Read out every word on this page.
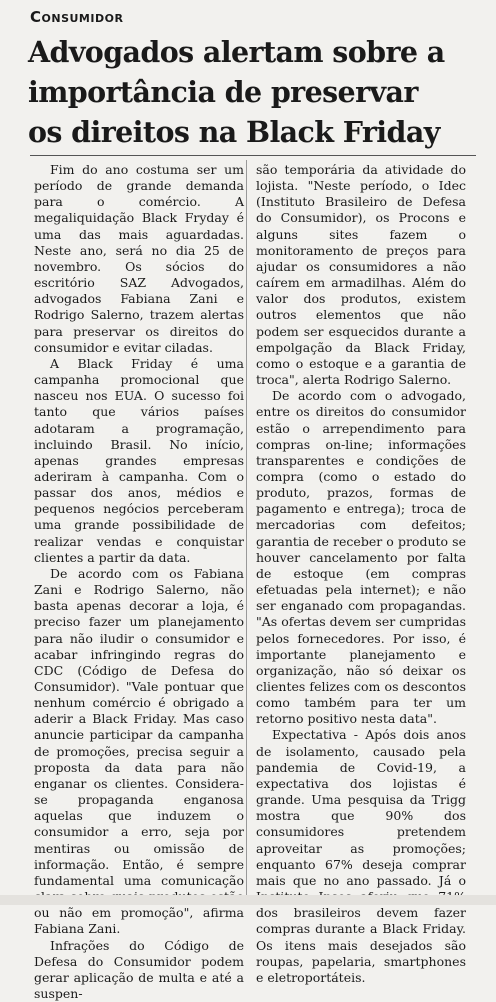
Consumidor
Advogados alertam sobre a
importância de preservar
os direitos na Black Friday

Fim do ano costuma ser um período de grande demanda para o comércio. A megaliquidação Black Fryday é uma das mais aguardadas. Neste ano, será no dia 25 de novembro. Os sócios do escritório SAZ Advogados, advogados Fabiana Zani e Rodrigo Salerno, trazem alertas para preservar os direitos do consumidor e evitar ciladas.

A Black Friday é uma campanha promocional que nasceu nos EUA. O sucesso foi tanto que vários países adotaram a programação, incluindo Brasil. No início, apenas grandes empresas aderiram à campanha. Com o passar dos anos, médios e pequenos negócios perceberam uma grande possibilidade de realizar vendas e conquistar clientes a partir da data.

De acordo com os Fabiana Zani e Rodrigo Salerno, não basta apenas decorar a loja, é preciso fazer um planejamento para não iludir o consumidor e acabar infringindo regras do CDC (Código de Defesa do Consumidor). "Vale pontuar que nenhum comércio é obrigado a aderir a Black Friday. Mas caso anuncie participar da campanha de promoções, precisa seguir a proposta da data para não enganar os clientes. Considera-se propaganda enganosa aquelas que induzem o consumidor a erro, seja por mentiras ou omissão de informação. Então, é sempre fundamental uma comunicação ou não em promoção", afirma Fabiana Zani.

Infrações do Código de Defesa do Consumidor podem gerar aplicação de multa e até a suspen-

são temporária da atividade do lojista. "Neste período, o Idec (Instituto Brasileiro de Defesa do Consumidor), os Procons e alguns sites fazem o monitoramento de preços para ajudar os consumidores a não caírem em armadilhas. Além do valor dos produtos, existem outros elementos que não podem ser esquecidos durante a empolgação da Black Friday, como o estoque e a garantia de troca", alerta Rodrigo Salerno.

De acordo com o advogado, entre os direitos do consumidor estão o arrependimento para compras on-line; informações transparentes e condições de compra (como o estado do produto, prazos, formas de pagamento e entrega); troca de mercadorias com defeitos; garantia de receber o produto se houver cancelamento por falta de estoque (em compras efetuadas pela internet); e não ser enganado com propagandas. "As ofertas devem ser cumpridas pelos fornecedores. Por isso, é importante planejamento e organização, não só deixar os clientes felizes com os descontos como também para ter um retorno positivo nesta data".

Expectativa - Após dois anos de isolamento, causado pela pandemia de Covid-19, a expectativa dos lojistas é grande. Uma pesquisa da Trigg mostra que 90% dos consumidores pretendem aproveitar as promoções; enquanto 67% deseja comprar mais que no ano passado. Já o dos brasileiros devem fazer compras durante a Black Friday. Os itens mais desejados são roupas, papelaria, smartphones e eletroportáteis.
